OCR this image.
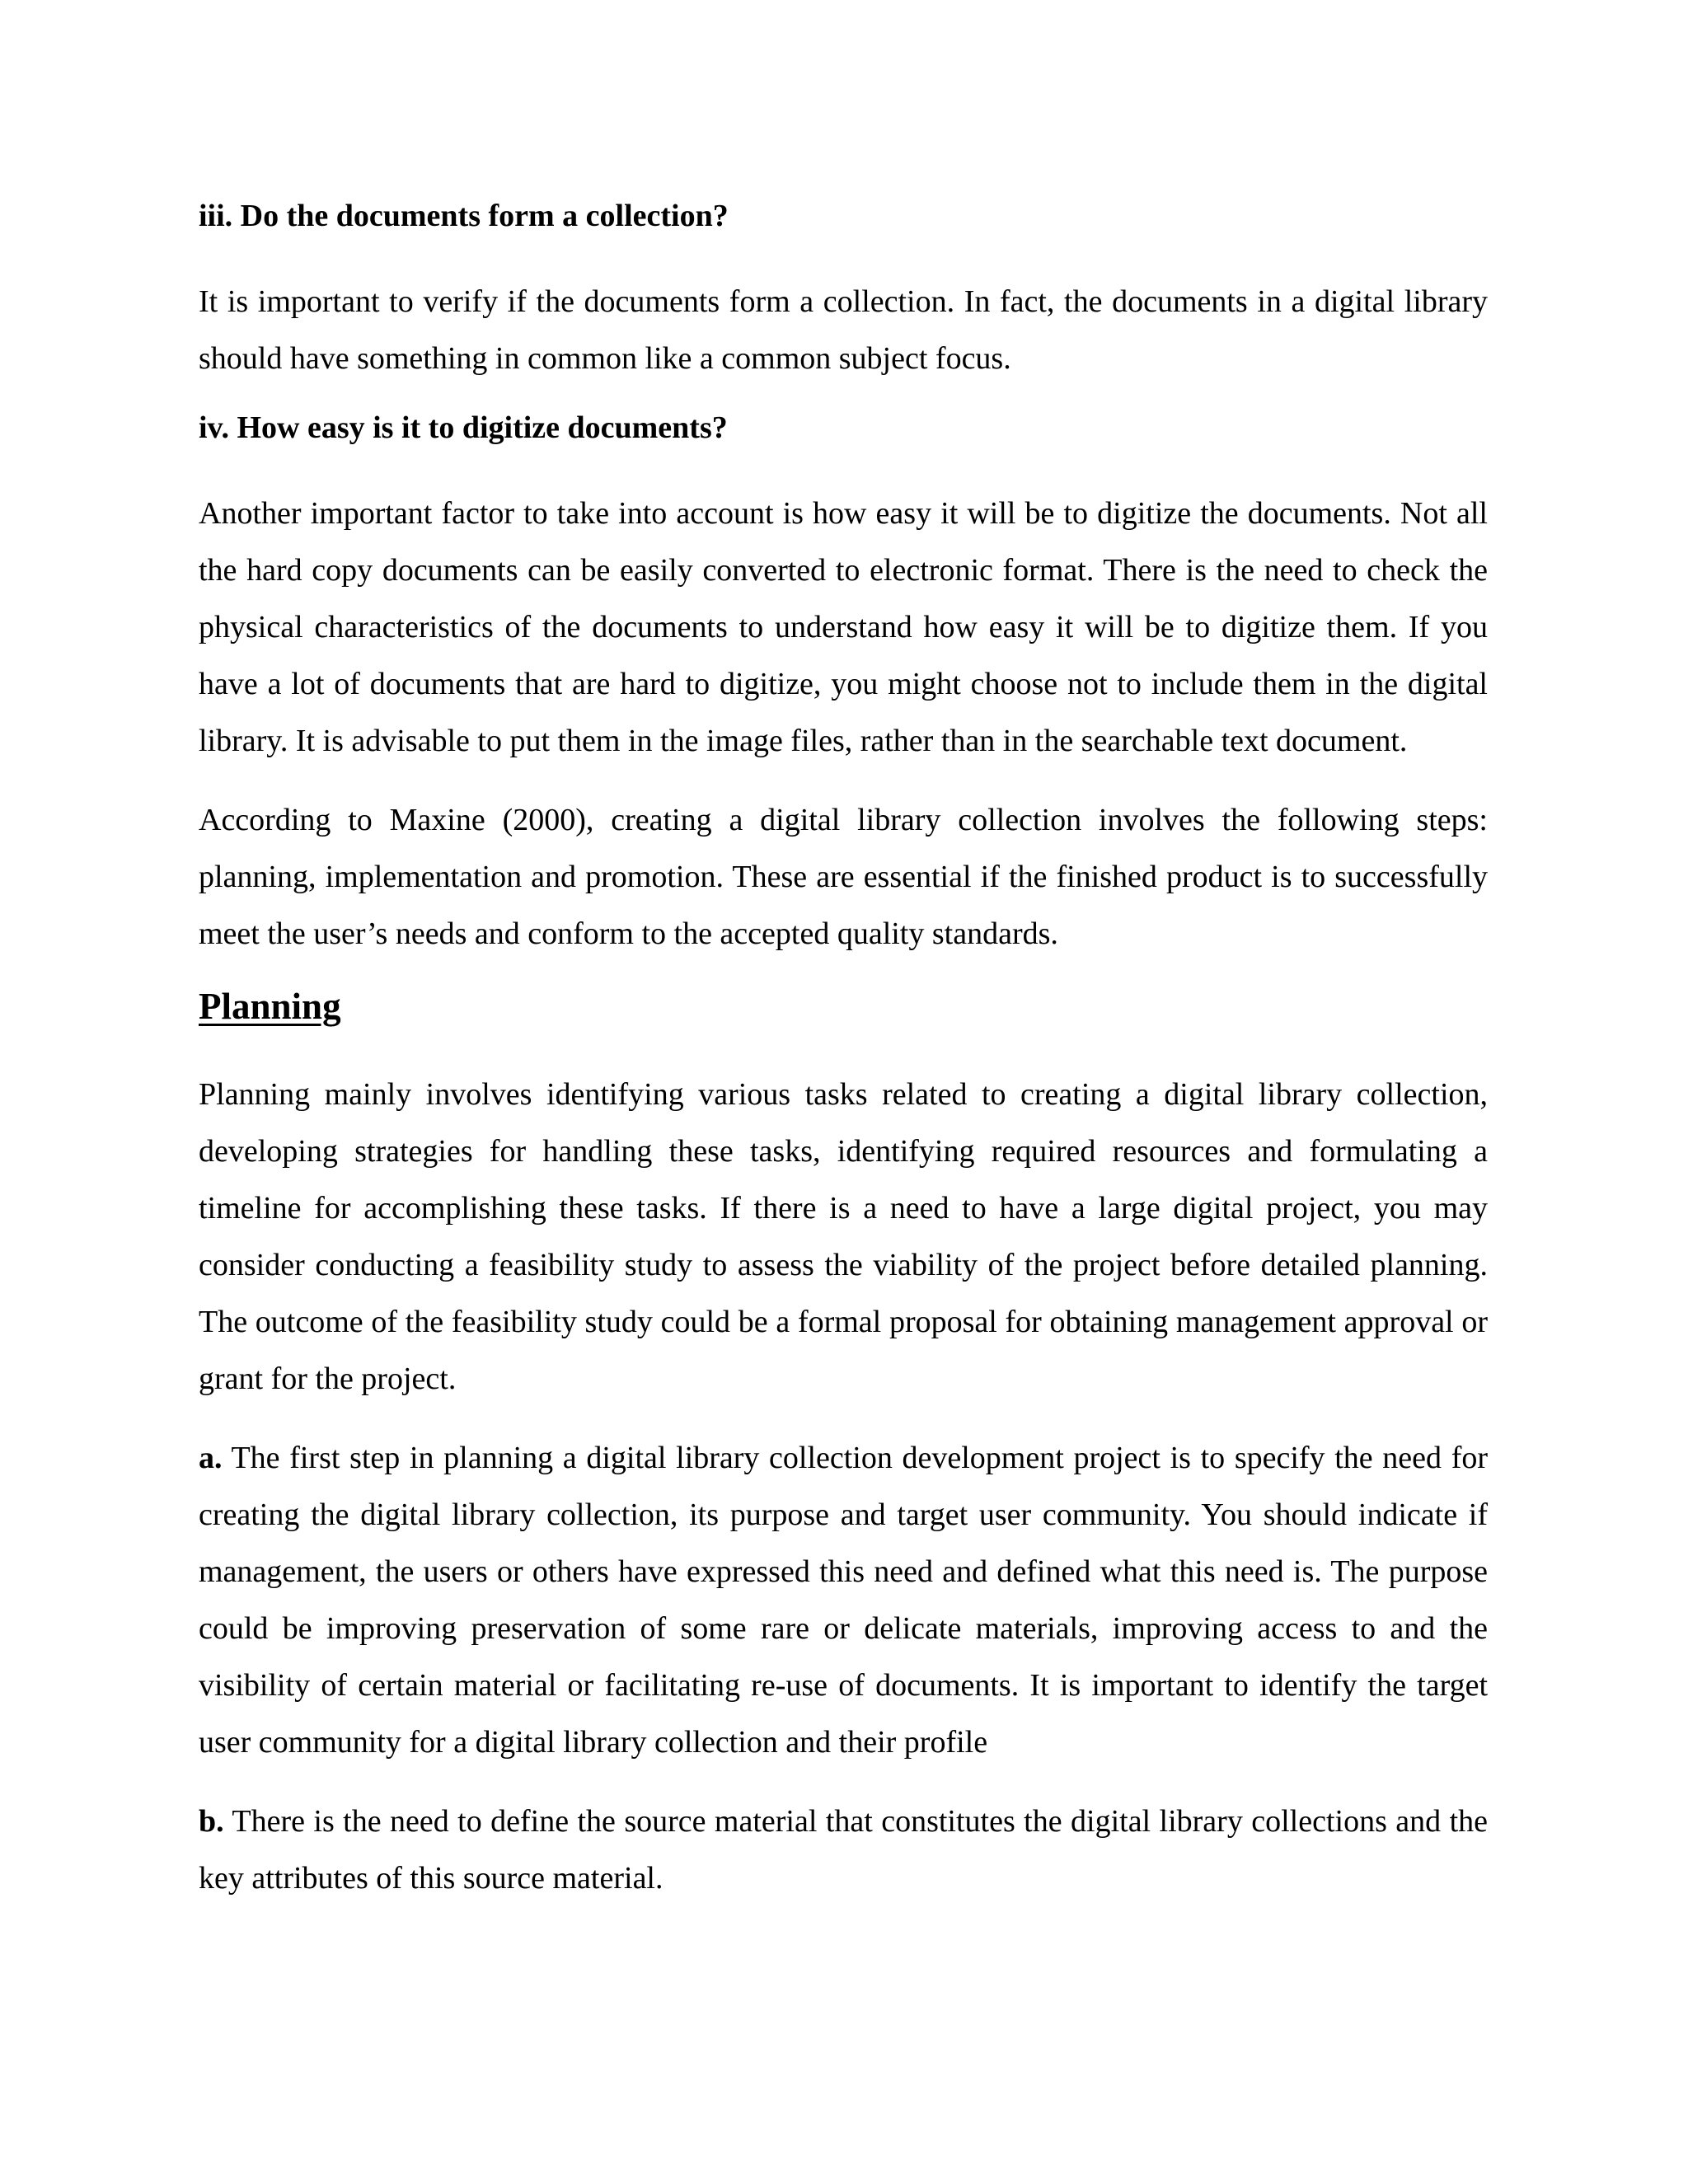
iii. Do the documents form a collection?

It is important to verify if the documents form a collection. In fact, the documents in a digital library should have something in common like a common subject focus.

iv. How easy is it to digitize documents?

Another important factor to take into account is how easy it will be to digitize the documents. Not all the hard copy documents can be easily converted to electronic format. There is the need to check the physical characteristics of the documents to understand how easy it will be to digitize them. If you have a lot of documents that are hard to digitize, you might choose not to include them in the digital library. It is advisable to put them in the image files, rather than in the searchable text document.

According to Maxine (2000), creating a digital library collection involves the following steps: planning, implementation and promotion. These are essential if the finished product is to successfully meet the user’s needs and conform to the accepted quality standards.

Planning

Planning mainly involves identifying various tasks related to creating a digital library collection, developing strategies for handling these tasks, identifying required resources and formulating a timeline for accomplishing these tasks. If there is a need to have a large digital project, you may consider conducting a feasibility study to assess the viability of the project before detailed planning. The outcome of the feasibility study could be a formal proposal for obtaining management approval or grant for the project.

a. The first step in planning a digital library collection development project is to specify the need for creating the digital library collection, its purpose and target user community. You should indicate if management, the users or others have expressed this need and defined what this need is. The purpose could be improving preservation of some rare or delicate materials, improving access to and the visibility of certain material or facilitating re-use of documents. It is important to identify the target user community for a digital library collection and their profile

b. There is the need to define the source material that constitutes the digital library collections and the key attributes of this source material.
